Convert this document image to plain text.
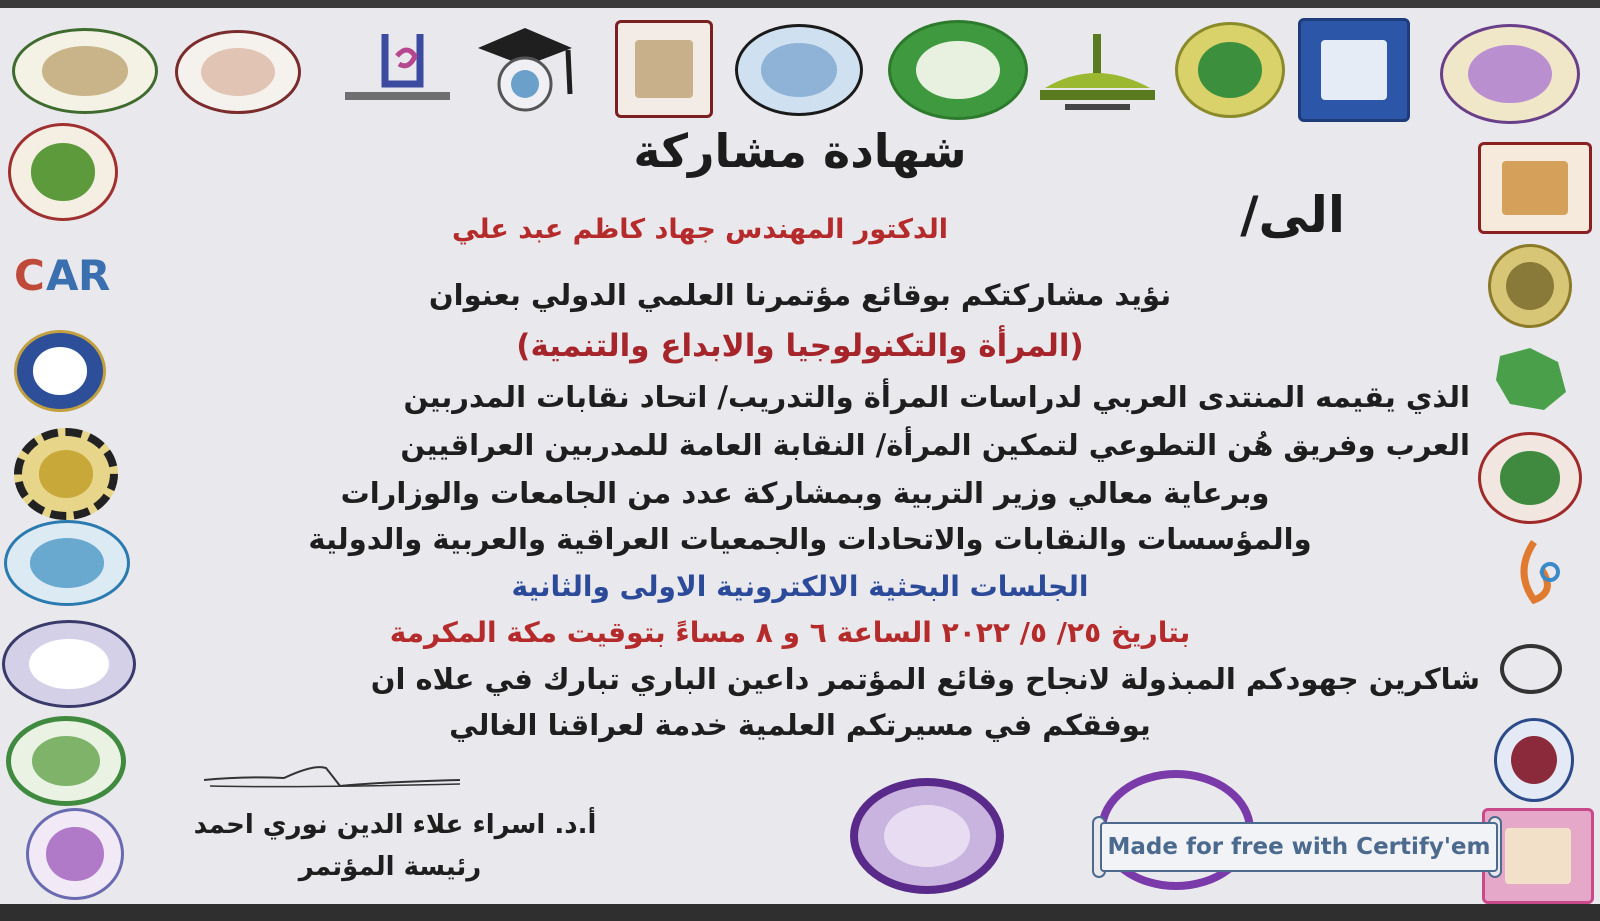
C A R
شهادة مشاركة
الى/
الدكتور المهندس جهاد كاظم عبد علي
نؤيد مشاركتكم بوقائع مؤتمرنا العلمي الدولي بعنوان
(المرأة والتكنولوجيا والابداع والتنمية)
الذي يقيمه المنتدى العربي لدراسات المرأة والتدريب/ اتحاد نقابات المدربين
العرب وفريق هُن التطوعي لتمكين المرأة/ النقابة العامة للمدربين العراقيين
وبرعاية معالي وزير التربية وبمشاركة عدد من الجامعات والوزارات
والمؤسسات والنقابات والاتحادات والجمعيات العراقية والعربية والدولية
الجلسات البحثية الالكترونية الاولى والثانية
بتاريخ ٢٥/ ٥/ ٢٠٢٢ الساعة ٦ و ٨ مساءً بتوقيت مكة المكرمة
شاكرين جهودكم المبذولة لانجاح وقائع المؤتمر داعين الباري تبارك في علاه ان
يوفقكم في مسيرتكم العلمية خدمة لعراقنا الغالي
أ.د. اسراء علاء الدين نوري احمد
رئيسة المؤتمر
Made for free with Certify'em
